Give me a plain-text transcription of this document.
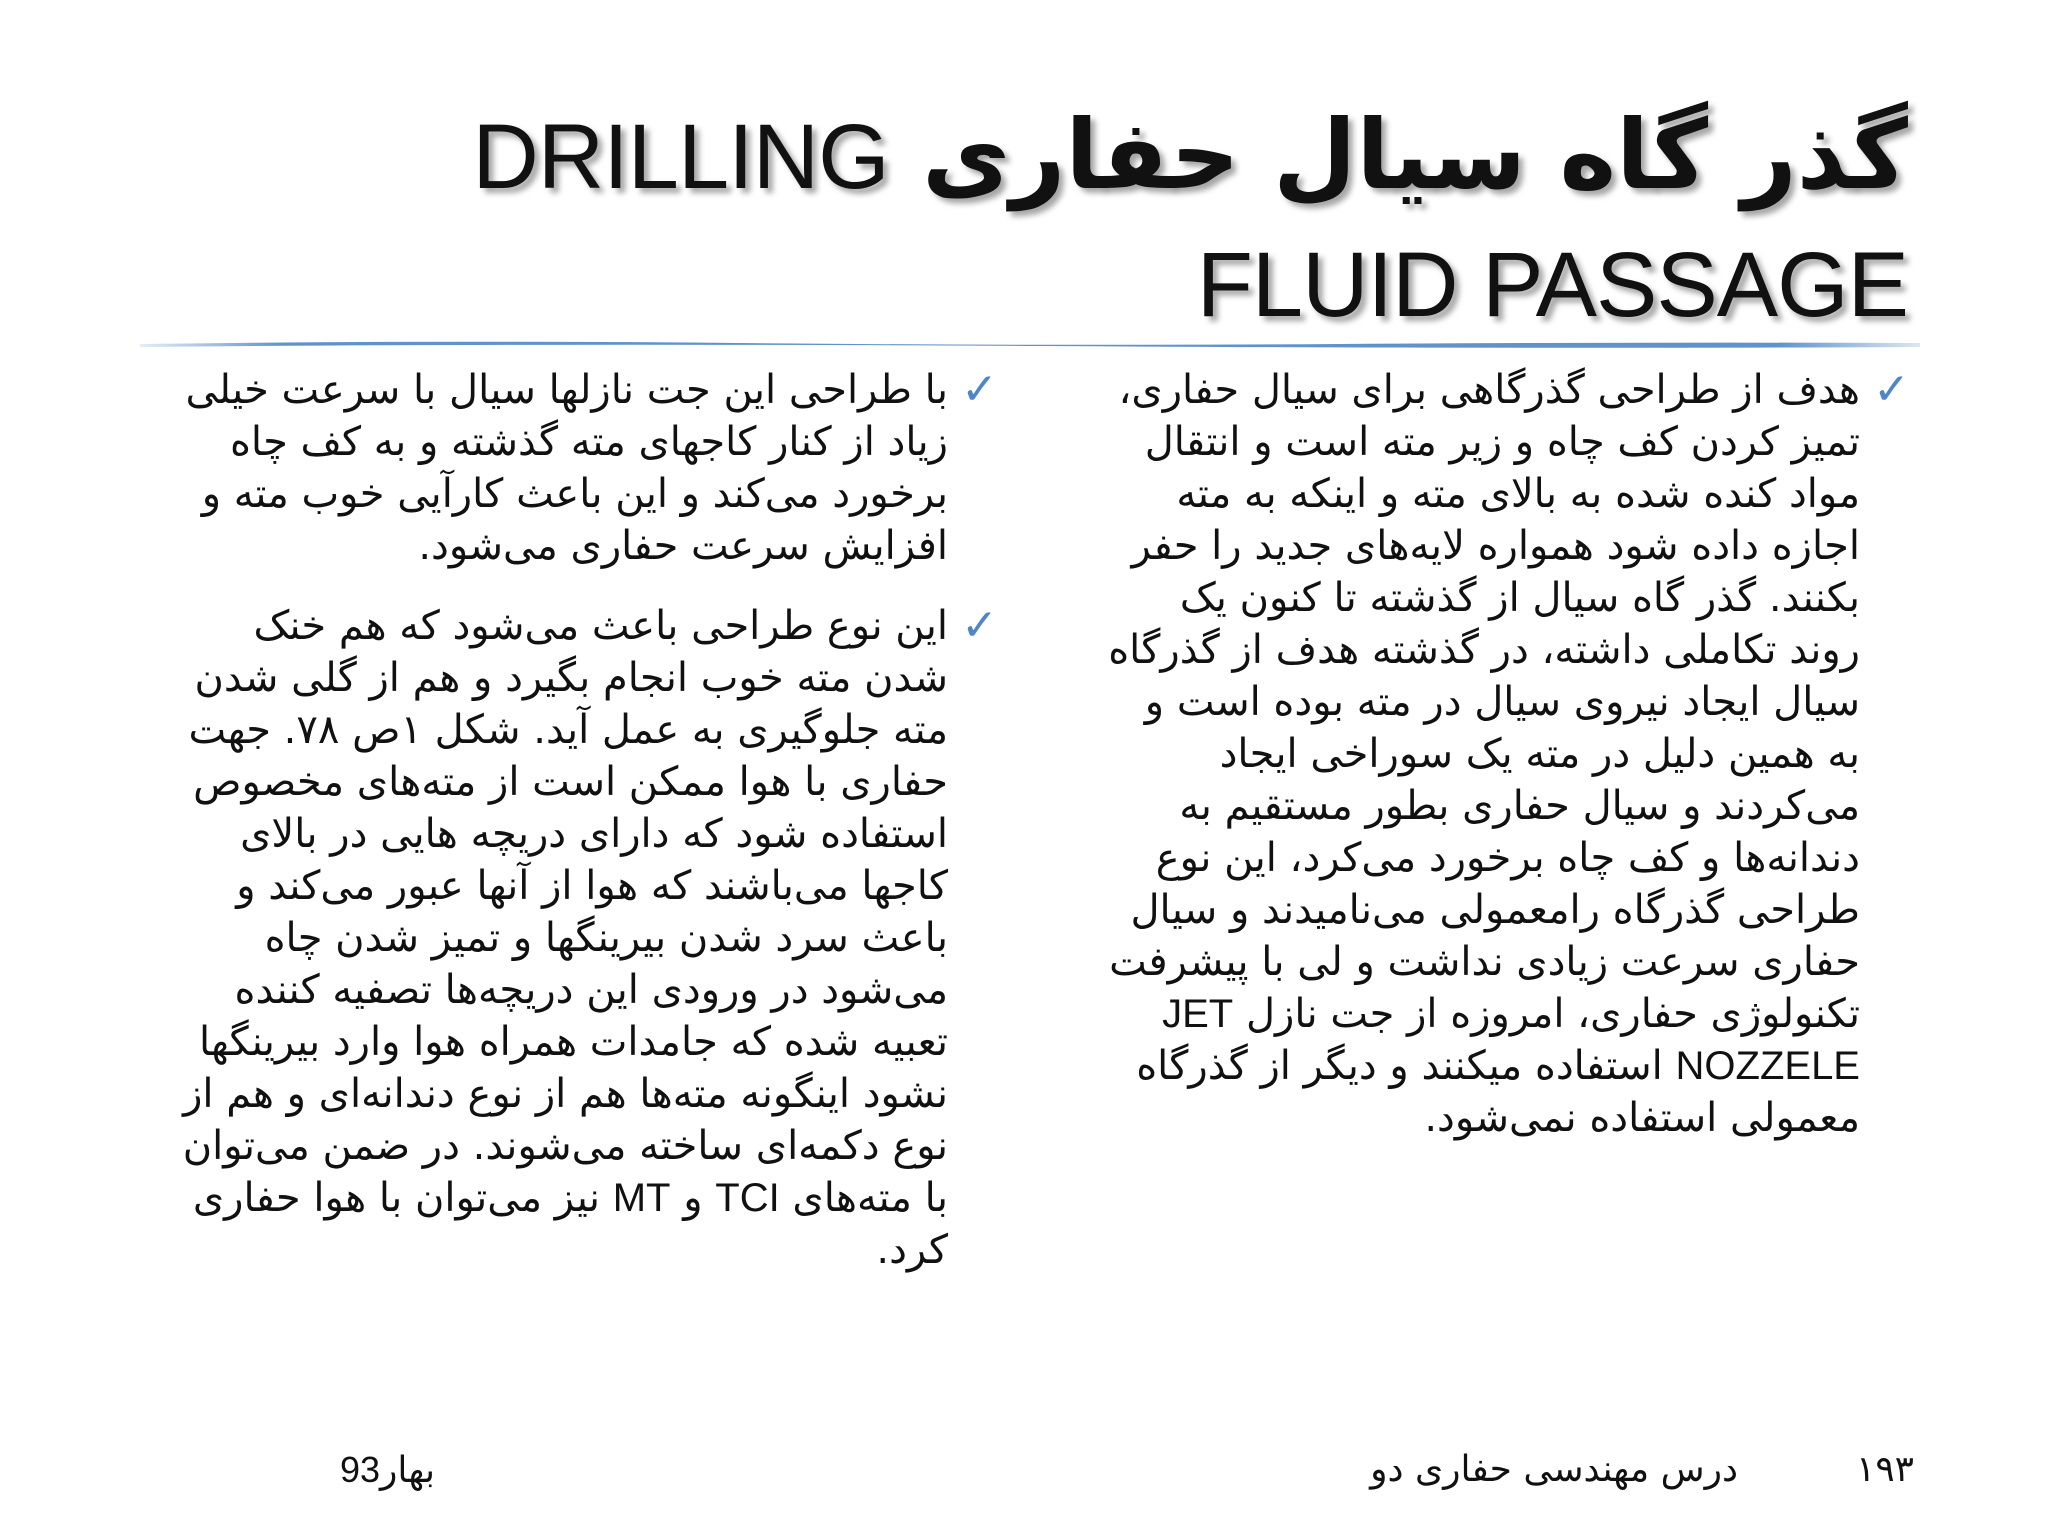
گذر گاه سیال حفاری DRILLING FLUID PASSAGE

✓
هدف از طراحی گذرگاهی برای سیال حفاری، تمیز کردن کف چاه و زیر مته است و انتقال مواد کنده شده به بالای مته و اینکه به مته اجازه داده شود همواره لایه‌های جدید را حفر بکنند. گذر گاه سیال از گذشته تا کنون یک روند تکاملی داشته، در گذشته هدف از گذرگاه سیال ایجاد نیروی سیال در مته بوده است و به همین دلیل در مته یک سوراخی ایجاد می‌کردند و سیال حفاری بطور مستقیم به دندانه‌ها و کف چاه برخورد می‌کرد، این نوع طراحی گذرگاه رامعمولی می‌نامیدند و سیال حفاری سرعت زیادی نداشت و لی با پیشرفت تکنولوژی حفاری، امروزه از جت نازل JET NOZZELE استفاده میکنند و دیگر از گذرگاه معمولی استفاده نمی‌شود.

✓
با طراحی این جت نازلها سیال با سرعت خیلی زیاد از کنار کاجهای مته گذشته و به کف چاه برخورد می‌کند و این باعث کارآیی خوب مته و افزایش سرعت حفاری می‌شود.

✓
این نوع طراحی باعث می‌شود که هم خنک شدن مته خوب انجام بگیرد و هم از گلی شدن مته جلوگیری به عمل آید. شکل ۱ص ۷۸. جهت حفاری با هوا ممکن است از مته‌های مخصوص استفاده شود که دارای دریچه هایی در بالای کاجها می‌باشند که هوا از آنها عبور می‌کند و باعث سرد شدن بیرینگها و تمیز شدن چاه می‌شود در ورودی این دریچه‌ها تصفیه کننده تعبیه شده که جامدات همراه هوا وارد بیرینگها نشود اینگونه مته‌ها هم از نوع دندانه‌ای و هم از نوع دکمه‌ای ساخته می‌شوند. در ضمن می‌توان با مته‌های TCI و MT نیز می‌توان با هوا حفاری کرد.

۱۹۳
درس مهندسی حفاری دو
بهار93
